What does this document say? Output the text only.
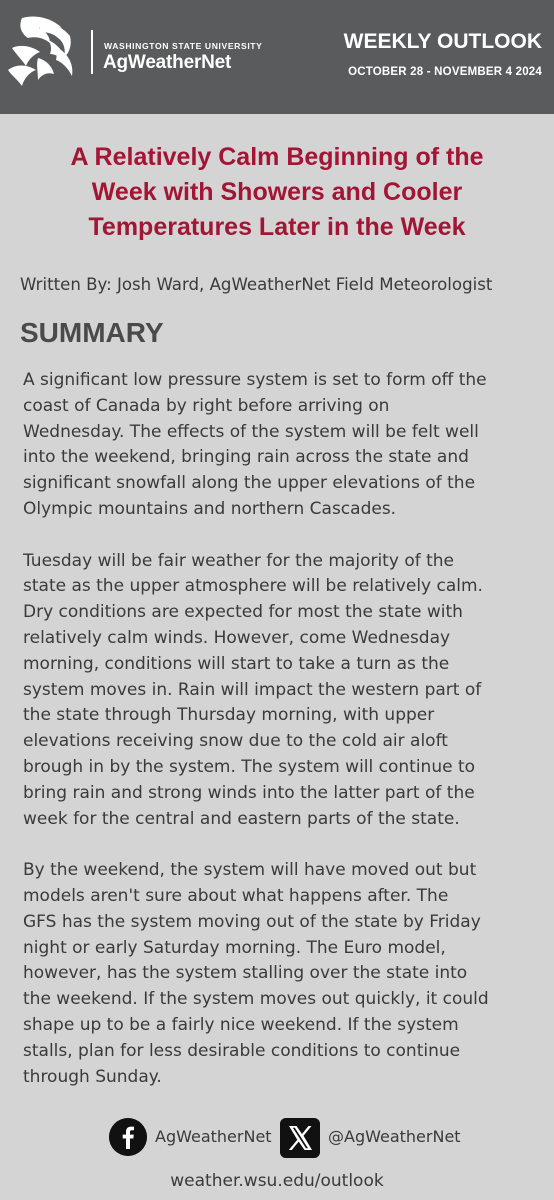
WASHINGTON STATE UNIVERSITY
AgWeatherNet
WEEKLY OUTLOOK
OCTOBER 28 - NOVEMBER 4 2024
A Relatively Calm Beginning of the
Week with Showers and Cooler
Temperatures Later in the Week
Written By: Josh Ward, AgWeatherNet Field Meteorologist
SUMMARY

A significant low pressure system is set to form off the
coast of Canada by right before arriving on
Wednesday. The effects of the system will be felt well
into the weekend, bringing rain across the state and
significant snowfall along the upper elevations of the
Olympic mountains and northern Cascades.

Tuesday will be fair weather for the majority of the
state as the upper atmosphere will be relatively calm.
Dry conditions are expected for most the state with
relatively calm winds. However, come Wednesday
morning, conditions will start to take a turn as the
system moves in. Rain will impact the western part of
the state through Thursday morning, with upper
elevations receiving snow due to the cold air aloft
brough in by the system. The system will continue to
bring rain and strong winds into the latter part of the
week for the central and eastern parts of the state.

By the weekend, the system will have moved out but
models aren't sure about what happens after. The
GFS has the system moving out of the state by Friday
night or early Saturday morning. The Euro model,
however, has the system stalling over the state into
the weekend. If the system moves out quickly, it could
shape up to be a fairly nice weekend. If the system
stalls, plan for less desirable conditions to continue
through Sunday.

AgWeatherNet	@AgWeatherNet
weather.wsu.edu/outlook
